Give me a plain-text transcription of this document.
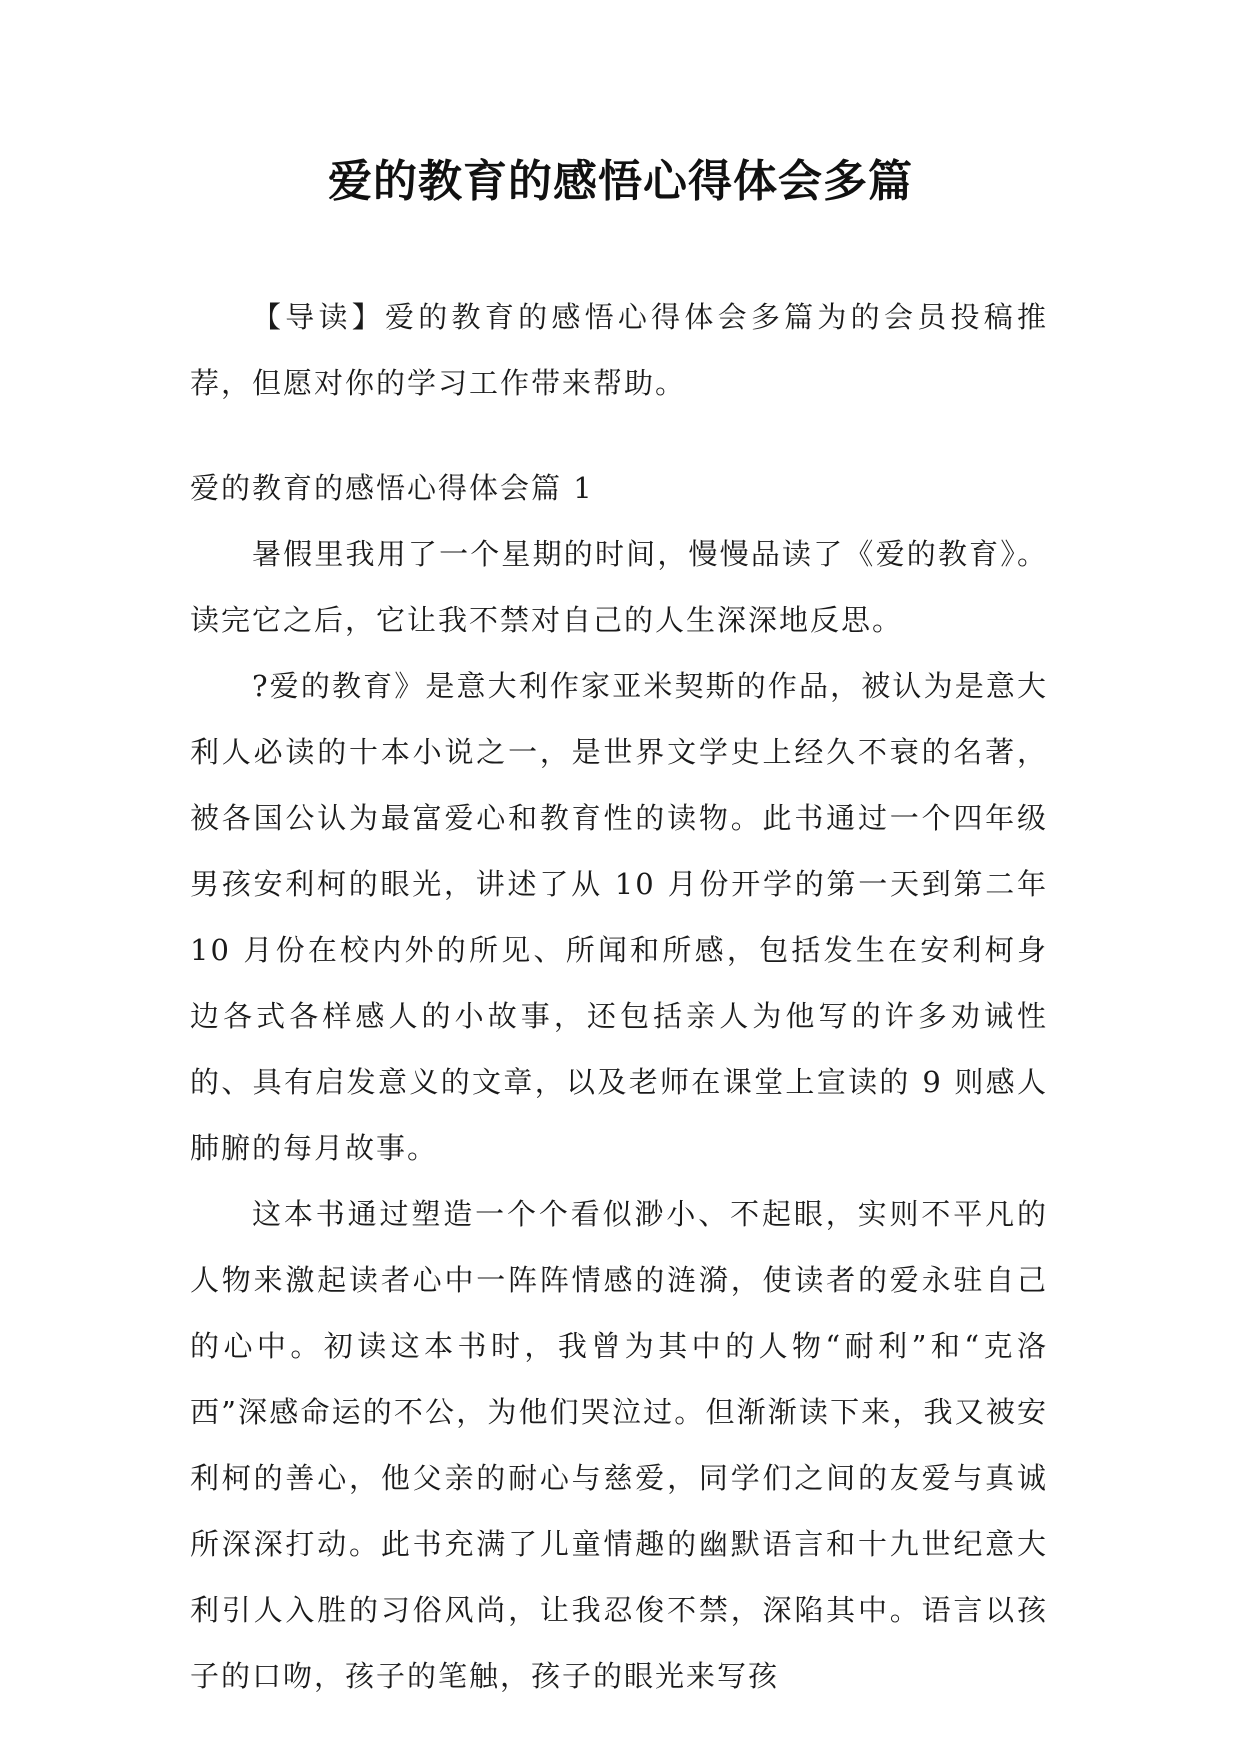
爱的教育的感悟心得体会多篇

【导读】爱的教育的感悟心得体会多篇为的会员投稿推荐，但愿对你的学习工作带来帮助。

爱的教育的感悟心得体会篇 1

暑假里我用了一个星期的时间，慢慢品读了《爱的教育》。读完它之后，它让我不禁对自己的人生深深地反思。

?爱的教育》是意大利作家亚米契斯的作品，被认为是意大利人必读的十本小说之一，是世界文学史上经久不衰的名著，被各国公认为最富爱心和教育性的读物。此书通过一个四年级男孩安利柯的眼光，讲述了从 10 月份开学的第一天到第二年 10 月份在校内外的所见、所闻和所感，包括发生在安利柯身边各式各样感人的小故事，还包括亲人为他写的许多劝诫性的、具有启发意义的文章，以及老师在课堂上宣读的 9 则感人肺腑的每月故事。

这本书通过塑造一个个看似渺小、不起眼，实则不平凡的人物来激起读者心中一阵阵情感的涟漪，使读者的爱永驻自己的心中。初读这本书时，我曾为其中的人物“耐利”和“克洛西”深感命运的不公，为他们哭泣过。但渐渐读下来，我又被安利柯的善心，他父亲的耐心与慈爱，同学们之间的友爱与真诚所深深打动。此书充满了儿童情趣的幽默语言和十九世纪意大利引人入胜的习俗风尚，让我忍俊不禁，深陷其中。语言以孩子的口吻，孩子的笔触，孩子的眼光来写孩
